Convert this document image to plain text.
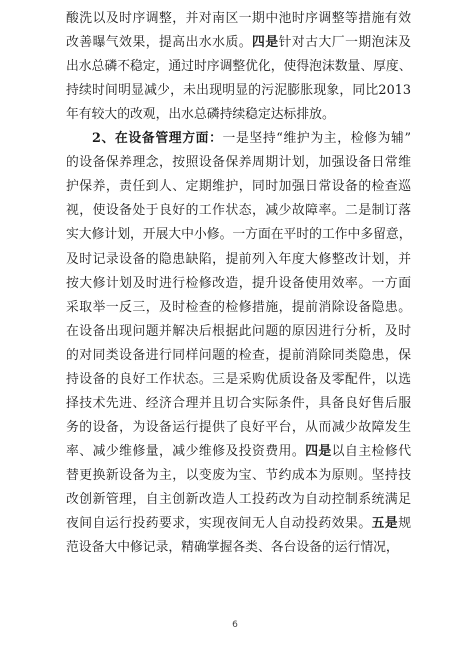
酸洗以及时序调整，并对南区一期中池时序调整等措施有效
改善曝气效果，提高出水水质。四是针对古大厂一期泡沫及
出水总磷不稳定，通过时序调整优化，使得泡沫数量、厚度、
持续时间明显减少，未出现明显的污泥膨胀现象，同比2013
年有较大的改观，出水总磷持续稳定达标排放。
2、在设备管理方面：一是坚持“维护为主，检修为辅”
的设备保养理念，按照设备保养周期计划，加强设备日常维
护保养，责任到人、定期维护，同时加强日常设备的检查巡
视，使设备处于良好的工作状态，减少故障率。二是制订落
实大修计划，开展大中小修。一方面在平时的工作中多留意，
及时记录设备的隐患缺陷，提前列入年度大修整改计划，并
按大修计划及时进行检修改造，提升设备使用效率。一方面
采取举一反三，及时检查的检修措施，提前消除设备隐患。
在设备出现问题并解决后根据此问题的原因进行分析，及时
的对同类设备进行同样问题的检查，提前消除同类隐患，保
持设备的良好工作状态。三是采购优质设备及零配件，以选
择技术先进、经济合理并且切合实际条件，具备良好售后服
务的设备，为设备运行提供了良好平台，从而减少故障发生
率、减少维修量，减少维修及投资费用。四是以自主检修代
替更换新设备为主，以变废为宝、节约成本为原则。坚持技
改创新管理，自主创新改造人工投药改为自动控制系统满足
夜间自运行投药要求，实现夜间无人自动投药效果。五是规
范设备大中修记录，精确掌握各类、各台设备的运行情况，
6
